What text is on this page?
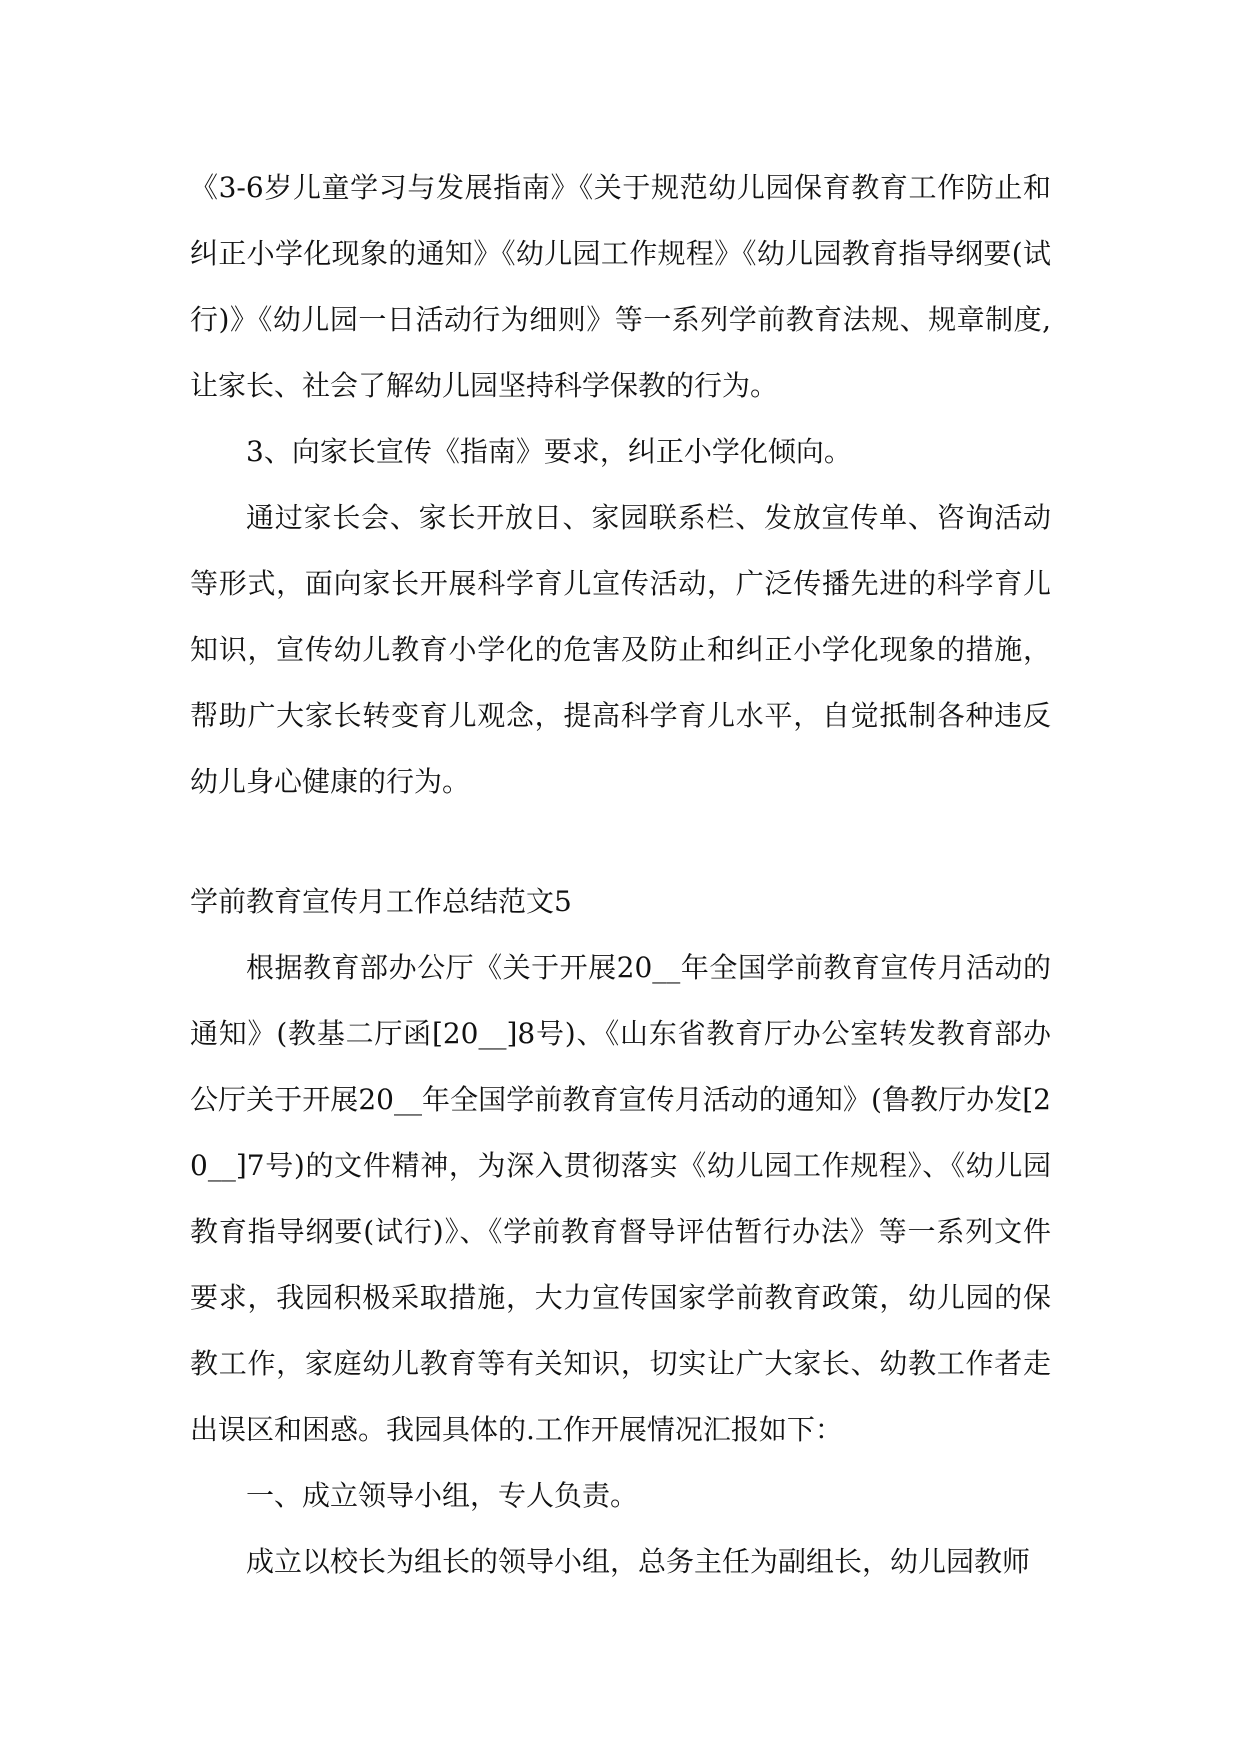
《3-6岁儿童学习与发展指南》《关于规范幼儿园保育教育工作防止和纠正小学化现象的通知》《幼儿园工作规程》《幼儿园教育指导纲要(试行)》《幼儿园一日活动行为细则》等一系列学前教育法规、规章制度,让家长、社会了解幼儿园坚持科学保教的行为。

3、向家长宣传《指南》要求，纠正小学化倾向。

通过家长会、家长开放日、家园联系栏、发放宣传单、咨询活动等形式，面向家长开展科学育儿宣传活动，广泛传播先进的科学育儿知识，宣传幼儿教育小学化的危害及防止和纠正小学化现象的措施，帮助广大家长转变育儿观念，提高科学育儿水平，自觉抵制各种违反幼儿身心健康的行为。

学前教育宣传月工作总结范文5

根据教育部办公厅《关于开展20__年全国学前教育宣传月活动的通知》(教基二厅函[20__]8号)、《山东省教育厅办公室转发教育部办公厅关于开展20__年全国学前教育宣传月活动的通知》(鲁教厅办发[20__]7号)的文件精神，为深入贯彻落实《幼儿园工作规程》、《幼儿园教育指导纲要(试行)》、《学前教育督导评估暂行办法》等一系列文件要求，我园积极采取措施，大力宣传国家学前教育政策，幼儿园的保教工作，家庭幼儿教育等有关知识，切实让广大家长、幼教工作者走出误区和困惑。我园具体的.工作开展情况汇报如下：

一、成立领导小组，专人负责。

成立以校长为组长的领导小组，总务主任为副组长，幼儿园教师
